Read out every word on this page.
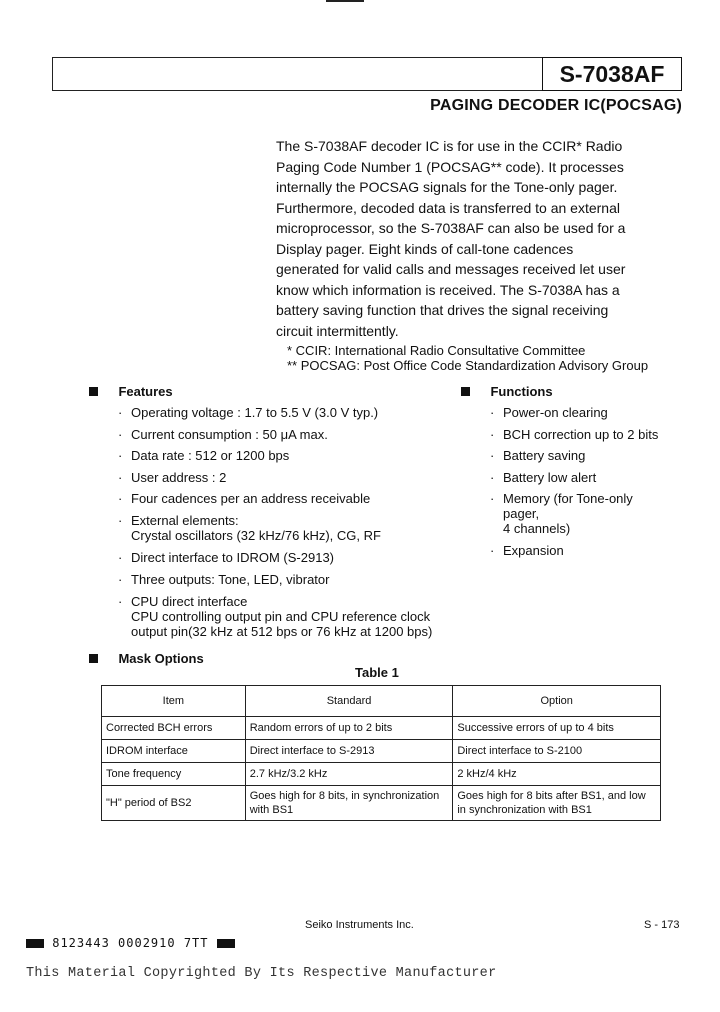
S-7038AF
PAGING DECODER IC(POCSAG)

The S-7038AF decoder IC is for use in the CCIR* Radio

Paging Code Number 1 (POCSAG** code). It processes

internally the POCSAG signals for the Tone-only pager.

Furthermore, decoded data is transferred to an external

microprocessor, so the S-7038AF can also be used for a

Display pager. Eight kinds of call-tone cadences

generated for valid calls and messages received let user

know which information is received. The S-7038A has a

battery saving function that drives the signal receiving

circuit intermittently.

* CCIR: International Radio Consultative Committee

** POCSAG: Post Office Code Standardization Advisory Group

Features
· Operating voltage : 1.7 to 5.5 V (3.0 V typ.)
· Current consumption : 50 μA max.
· Data rate : 512 or 1200 bps
· User address : 2
· Four cadences per an address receivable
· External elements:
Crystal oscillators (32 kHz/76 kHz), CG, RF
· Direct interface to IDROM (S-2913)
· Three outputs: Tone, LED, vibrator
· CPU direct interface
CPU controlling output pin and CPU reference clock
output pin(32 kHz at 512 bps or 76 kHz at 1200 bps)
Functions
· Power-on clearing
· BCH correction up to 2 bits
· Battery saving
· Battery low alert
· Memory (for Tone-only
pager,
4 channels)
· Expansion
Mask Options
Table 1
Item	Standard	Option
Corrected BCH errors	Random errors of up to 2 bits	Successive errors of up to 4 bits
IDROM interface	Direct interface to S-2913	Direct interface to S-2100
Tone frequency	2.7 kHz/3.2 kHz	2 kHz/4 kHz
"H" period of BS2	Goes high for 8 bits, in synchronization with BS1	Goes high for 8 bits after BS1, and low in synchronization with BS1
Seiko Instruments Inc.	S - 173
8123443 0002910 7TT
This Material Copyrighted By Its Respective Manufacturer
